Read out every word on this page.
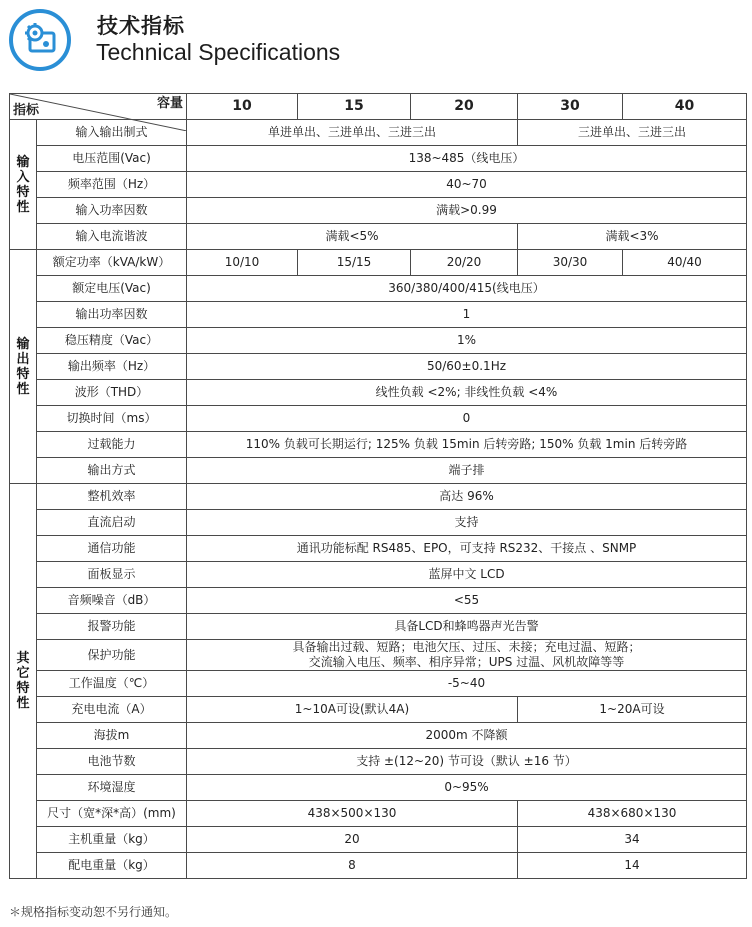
技术指标
Technical Specifications
容量
指标		10	15	20	30	40

输
入
特
性	输入输出制式	单进单出、三进单出、三进三出			三进单出、三进三出	
	电压范围(Vac)	138~485（线电压）				
	频率范围（Hz）	40~70				
	输入功率因数	满载>0.99				
	输入电流谐波	满载<5%			满载<3%	

输
出
特
性	额定功率（kVA/kW）	10/10	15/15	20/20	30/30	40/40
	额定电压(Vac)	360/380/400/415(线电压）				
	输出功率因数	1				
	稳压精度（Vac）	1%				
	输出频率（Hz）	50/60±0.1Hz				
	波形（THD）	线性负载 <2%; 非线性负载 <4%				
	切换时间（ms）	0				
	过载能力	110% 负载可长期运行; 125% 负载 15min 后转旁路; 150% 负载 1min 后转旁路				
	输出方式	端子排				

其
它
特
性	整机效率	高达 96%				
	直流启动	支持				
	通信功能	通讯功能标配 RS485、EPO，可支持 RS232、干接点 、SNMP				
	面板显示	蓝屏中文 LCD				
	音频噪音（dB）	<55				
	报警功能	具备LCD和蜂鸣器声光告警				
	保护功能	具备输出过载、短路；电池欠压、过压、未接；充电过温、短路；
交流输入电压、频率、相序异常；UPS 过温、风机故障等等				

	工作温度（℃）	-5~40				
	充电电流（A）	1~10A可设(默认4A)			1~20A可设	
	海拔m	2000m 不降额				
	电池节数	支持 ±(12~20) 节可设（默认 ±16 节）				
	环境湿度	0~95%				
	尺寸（宽*深*高）(mm)	438×500×130			438×680×130	
	主机重量（kg）	20			34	
	配电重量（kg）	8			14	
＊规格指标变动恕不另行通知。
